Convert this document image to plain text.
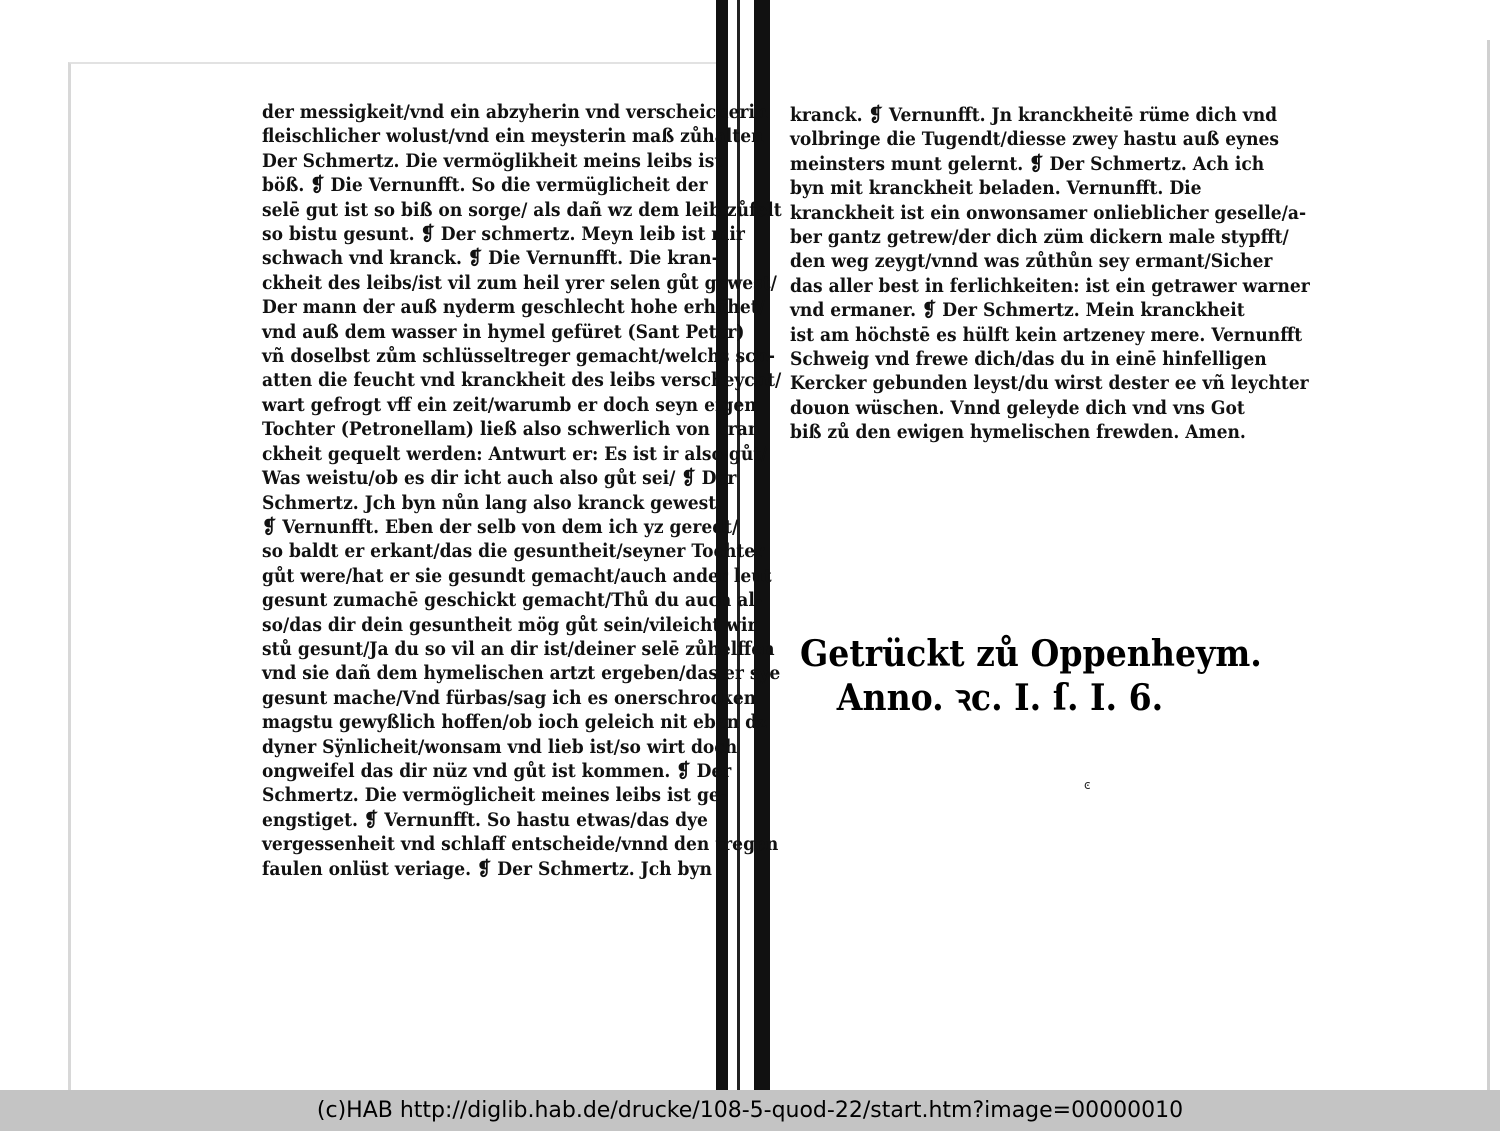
der messigkeit/vnd ein abzyherin vnd verscheicherin
fleischlicher wolust/vnd ein meysterin maß zůhalten
Der Schmertz. Die vermöglikheit meins leibs ist
böß. ❡ Die Vernunfft. So die vermüglicheit der
selē gut ist so biß on sorge/ als dañ wz dem leib zůfelt
so bistu gesunt. ❡ Der schmertz. Meyn leib ist mir
schwach vnd kranck. ❡ Die Vernunfft. Die kran-
ckheit des leibs/ist vil zum heil yrer selen gůt gewest/
Der mann der auß nyderm geschlecht hohe erhöhet/
vnd auß dem wasser in hymel gefüret (Sant Peter)
vñ doselbst zům schlüsseltreger gemacht/welchs sch-
atten die feucht vnd kranckheit des leibs verscheycht/
wart gefrogt vff ein zeit/warumb er doch seyn eigen
Tochter (Petronellam) ließ also schwerlich von kran
ckheit gequelt werden: Antwurt er: Es ist ir also gůt/
Was weistu/ob es dir icht auch also gůt sei/ ❡ Der
Schmertz. Jch byn nůn lang also kranck gewest.
❡ Vernunfft. Eben der selb von dem ich yz geredt/
so baldt er erkant/das die gesuntheit/seyner Tochter
gůt were/hat er sie gesundt gemacht/auch ander leut
gesunt zumachē geschickt gemacht/Thů du auch al-
so/das dir dein gesuntheit mög gůt sein/vileicht wir
stů gesunt/Ja du so vil an dir ist/deiner selē zůhelffen
vnd sie dañ dem hymelischen artzt ergeben/das er sye
gesunt mache/Vnd fürbas/sag ich es onerschrocken
magstu gewyßlich hoffen/ob ioch geleich nit eben dz
dyner Sÿnlicheit/wonsam vnd lieb ist/so wirt doch
ongweifel das dir nüz vnd gůt ist kommen. ❡ Der
Schmertz. Die vermöglicheit meines leibs ist ge-
engstiget. ❡ Vernunfft. So hastu etwas/das dye
vergessenheit vnd schlaff entscheide/vnnd den tregen
faulen onlüst veriage. ❡ Der Schmertz. Jch byn
kranck. ❡ Vernunfft. Jn kranckheitē rüme dich vnd
volbringe die Tugendt/diesse zwey hastu auß eynes
meinsters munt gelernt. ❡ Der Schmertz. Ach ich
byn mit kranckheit beladen. Vernunfft. Die
kranckheit ist ein onwonsamer onlieblicher geselle/a-
ber gantz getrew/der dich züm dickern male stypfft/
den weg zeygt/vnnd was zůthůn sey ermant/Sicher
das aller best in ferlichkeiten: ist ein getrawer warner
vnd ermaner. ❡ Der Schmertz. Mein kranckheit
ist am höchstē es hülft kein artzeney mere. Vernunfft
Schweig vnd frewe dich/das du in einē hinfelligen
Kercker gebunden leyst/du wirst dester ee vñ leychter
douon wüschen. Vnnd geleyde dich vnd vns Got
biß zů den ewigen hymelischen frewden. Amen.
Getrückt zů Oppenheym.
Anno. ꝛc. I. ſ. I. 6.
ͼ
(c)HAB http://diglib.hab.de/drucke/108-5-quod-22/start.htm?image=00000010
